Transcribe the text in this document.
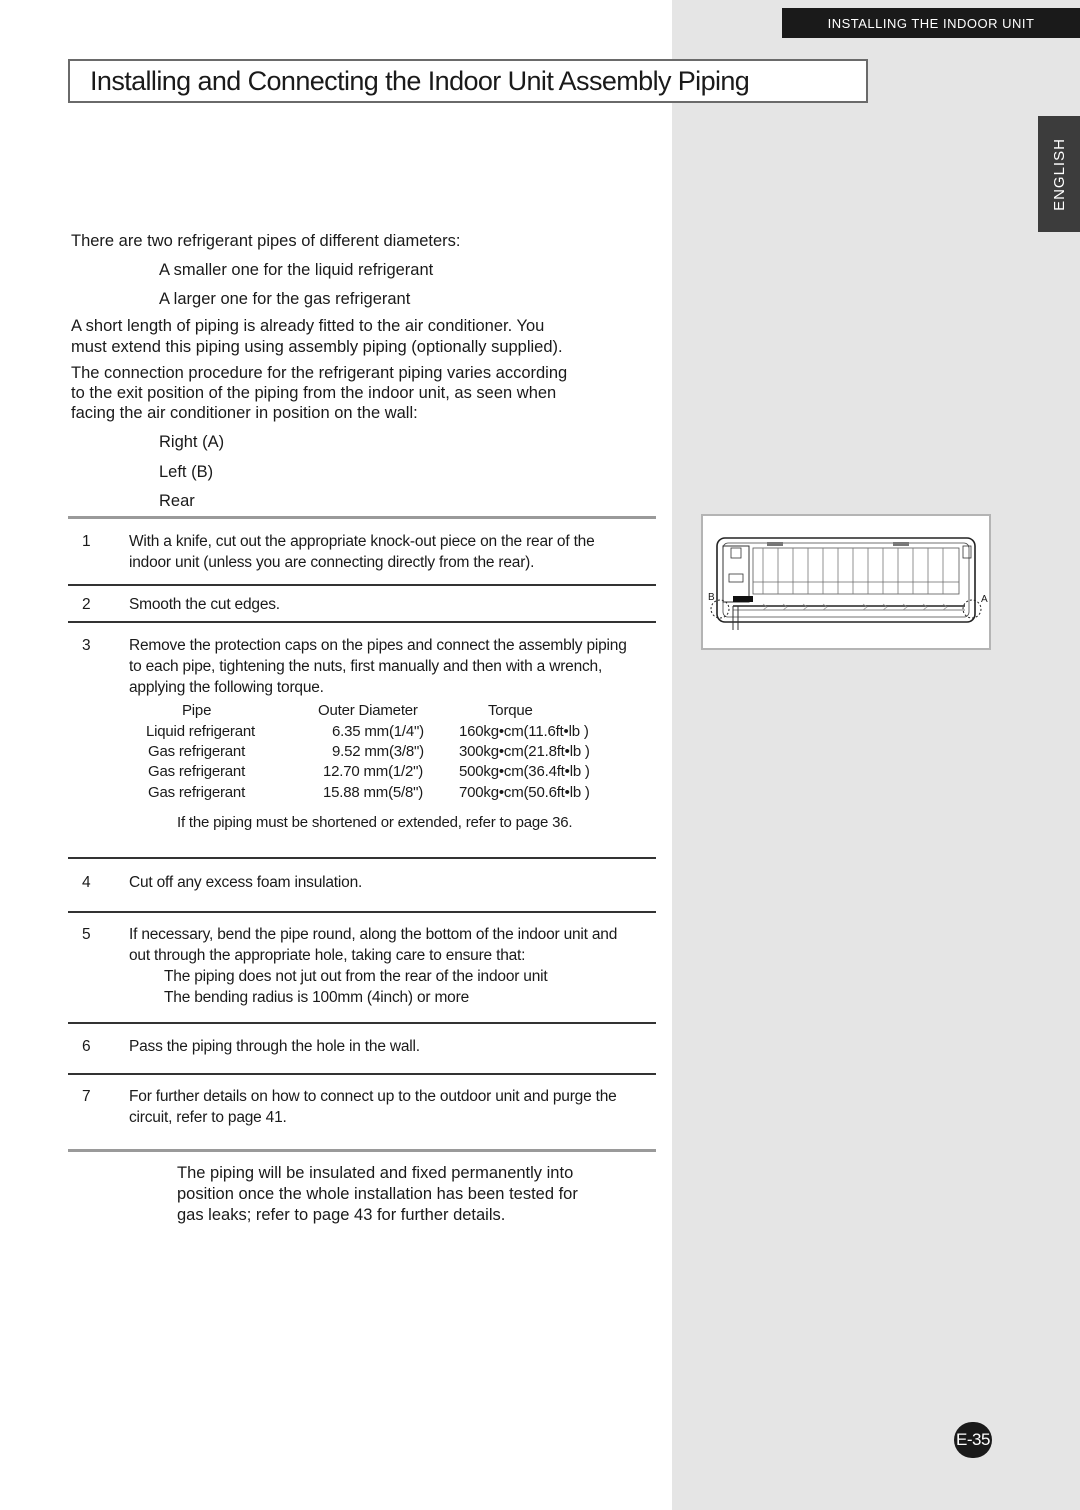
INSTALLING THE INDOOR UNIT
ENGLISH
Installing and Connecting the Indoor Unit Assembly Piping
There are two refrigerant pipes of different diameters:
A smaller one for the liquid refrigerant
A larger one for the gas refrigerant
A short length of piping is already fitted to the air conditioner. You
must extend this piping using assembly piping (optionally supplied).
The connection procedure for the refrigerant piping varies according
to the exit position of the piping from the indoor unit, as seen when
facing the air conditioner in position on the wall:
Right (A)
Left (B)
Rear
1 With a knife, cut out the appropriate knock-out piece on the rear of the
indoor unit (unless you are connecting directly from the rear).
2 Smooth the cut edges.
3 Remove the protection caps on the pipes and connect the assembly piping
to each pipe, tightening the nuts, first manually and then with a wrench,
applying the following torque.
Pipe	Outer Diameter	Torque
Liquid refrigerant	6.35 mm(1/4") 160kg•cm(11.6ft•lb )
Gas refrigerant	9.52 mm(3/8") 300kg•cm(21.8ft•lb )
Gas refrigerant	12.70 mm(1/2") 500kg•cm(36.4ft•lb )
Gas refrigerant	15.88 mm(5/8") 700kg•cm(50.6ft•lb )
If the piping must be shortened or extended, refer to page 36.
4 Cut off any excess foam insulation.
5 If necessary, bend the pipe round, along the bottom of the indoor unit and
out through the appropriate hole, taking care to ensure that:
The piping does not jut out from the rear of the indoor unit
The bending radius is 100mm (4inch) or more
6 Pass the piping through the hole in the wall.
7 For further details on how to connect up to the outdoor unit and purge the
circuit, refer to page 41.
The piping will be insulated and fixed permanently into
position once the whole installation has been tested for
gas leaks; refer to page 43 for further details.
B	A
E-35
